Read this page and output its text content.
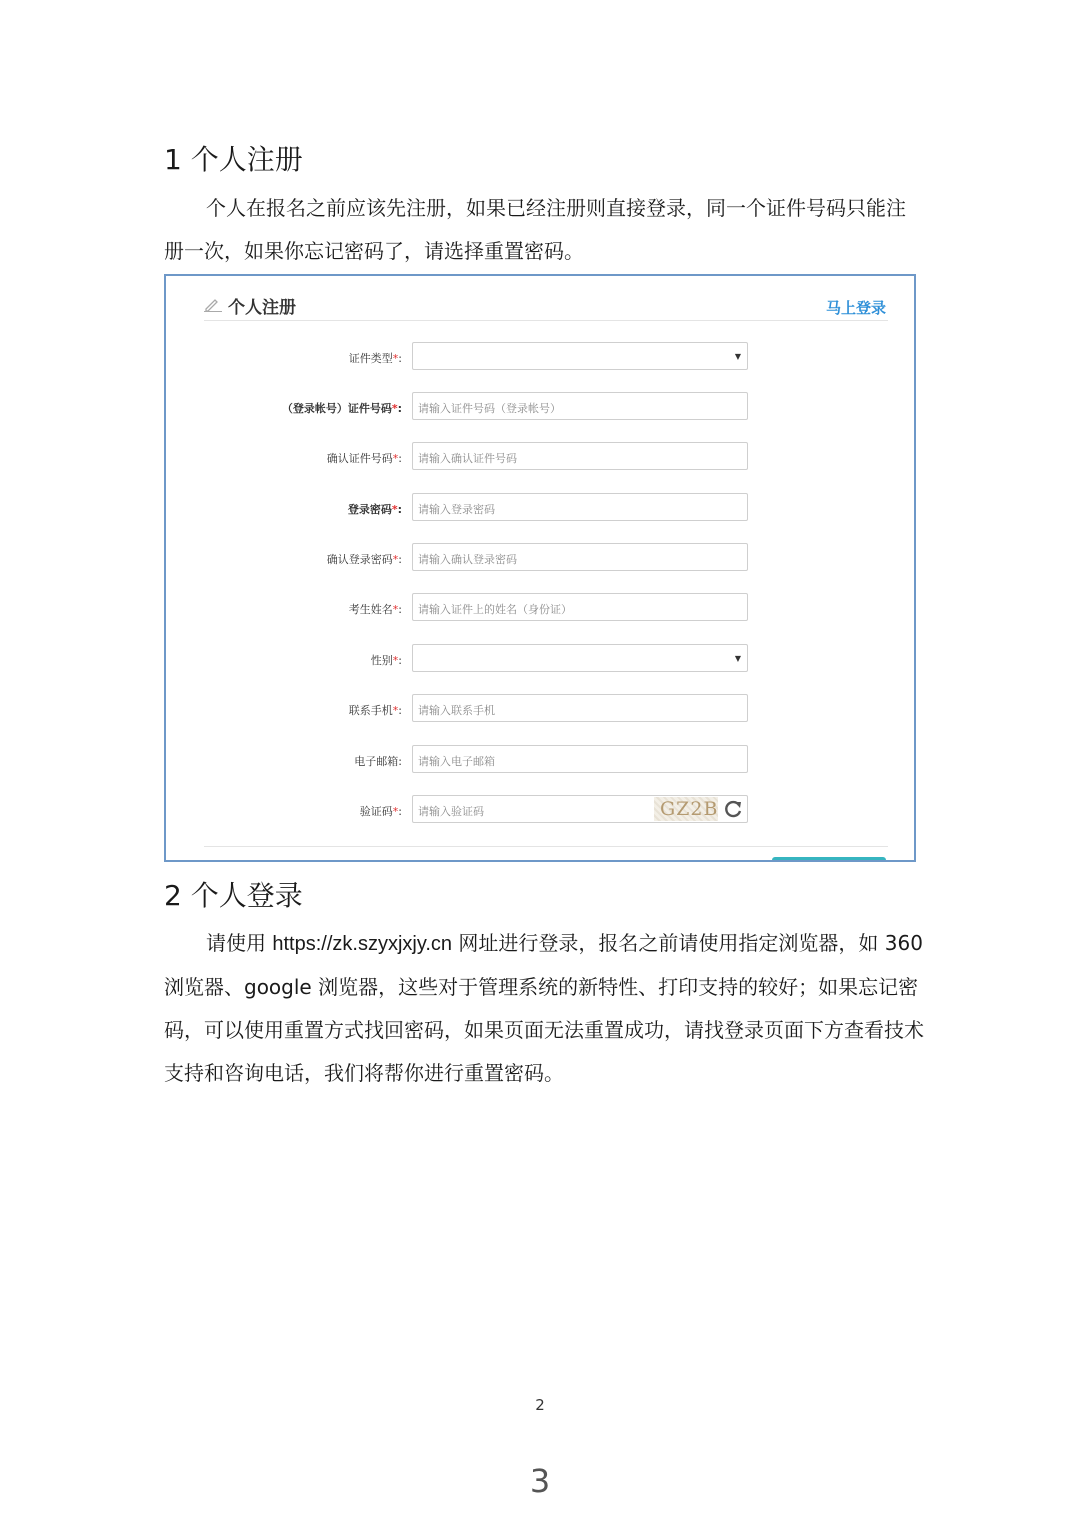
1 个人注册
个人在报名之前应该先注册，如果已经注册则直接登录，同一个证件号码只能注册一次，如果你忘记密码了，请选择重置密码。
个人注册	马上登录
证件类型*:	▼
（登录帐号）证件号码*:	请输入证件号码（登录帐号）
确认证件号码*:	请输入确认证件号码
登录密码*:	请输入登录密码
确认登录密码*:	请输入确认登录密码
考生姓名*:	请输入证件上的姓名（身份证）
性别*:	▼
联系手机*:	请输入联系手机
电子邮箱:	请输入电子邮箱
验证码*:	请输入验证码	GZ2B
2 个人登录
请使用 https://zk.szyxjxjy.cn 网址进行登录，报名之前请使用指定浏览器，如 360 浏览器、google 浏览器，这些对于管理系统的新特性、打印支持的较好；如果忘记密码，可以使用重置方式找回密码，如果页面无法重置成功，请找登录页面下方查看技术支持和咨询电话，我们将帮你进行重置密码。
2
3
